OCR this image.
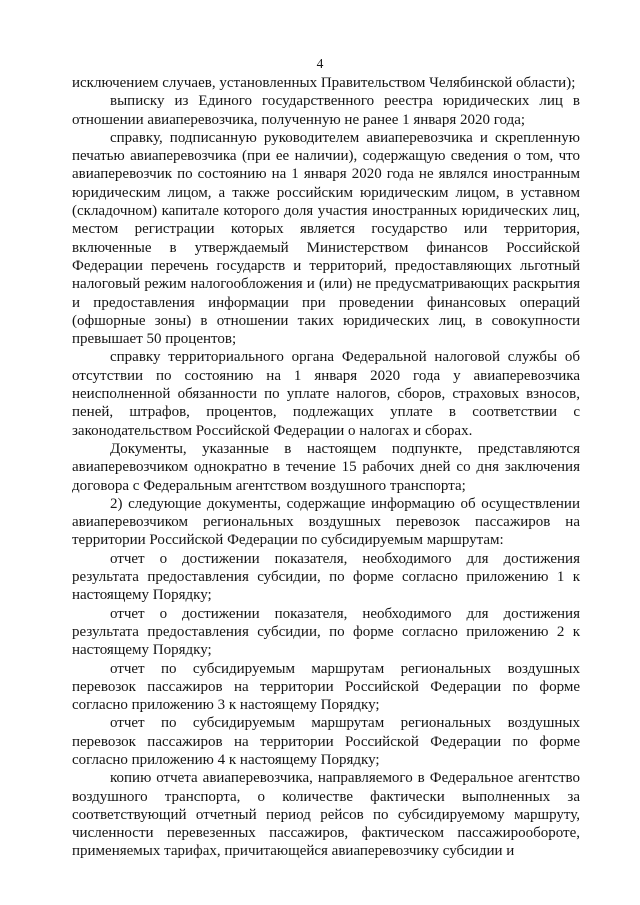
4

исключением случаев, установленных Правительством Челябинской области);

выписку из Единого государственного реестра юридических лиц в отношении авиаперевозчика, полученную не ранее 1 января 2020 года;

справку, подписанную руководителем авиаперевозчика и скрепленную печатью авиаперевозчика (при ее наличии), содержащую сведения о том, что авиаперевозчик по состоянию на 1 января 2020 года не являлся иностранным юридическим лицом, а также российским юридическим лицом, в уставном (складочном) капитале которого доля участия иностранных юридических лиц, местом регистрации которых является государство или территория, включенные в утверждаемый Министерством финансов Российской Федерации перечень государств и территорий, предоставляющих льготный налоговый режим налогообложения и (или) не предусматривающих раскрытия и предоставления информации при проведении финансовых операций (офшорные зоны) в отношении таких юридических лиц, в совокупности превышает 50 процентов;

справку территориального органа Федеральной налоговой службы об отсутствии по состоянию на 1 января 2020 года у авиаперевозчика неисполненной обязанности по уплате налогов, сборов, страховых взносов, пеней, штрафов, процентов, подлежащих уплате в соответствии с законодательством Российской Федерации о налогах и сборах.

Документы, указанные в настоящем подпункте, представляются авиаперевозчиком однократно в течение 15 рабочих дней со дня заключения договора с Федеральным агентством воздушного транспорта;

2) следующие документы, содержащие информацию об осуществлении авиаперевозчиком региональных воздушных перевозок пассажиров на территории Российской Федерации по субсидируемым маршрутам:

отчет о достижении показателя, необходимого для достижения результата предоставления субсидии, по форме согласно приложению 1 к настоящему Порядку;

отчет о достижении показателя, необходимого для достижения результата предоставления субсидии, по форме согласно приложению 2 к настоящему Порядку;

отчет по субсидируемым маршрутам региональных воздушных перевозок пассажиров на территории Российской Федерации по форме согласно приложению 3 к настоящему Порядку;

отчет по субсидируемым маршрутам региональных воздушных перевозок пассажиров на территории Российской Федерации по форме согласно приложению 4 к настоящему Порядку;

копию отчета авиаперевозчика, направляемого в Федеральное агентство воздушного транспорта, о количестве фактически выполненных за соответствующий отчетный период рейсов по субсидируемому маршруту, численности перевезенных пассажиров, фактическом пассажирообороте, применяемых тарифах, причитающейся авиаперевозчику субсидии и
